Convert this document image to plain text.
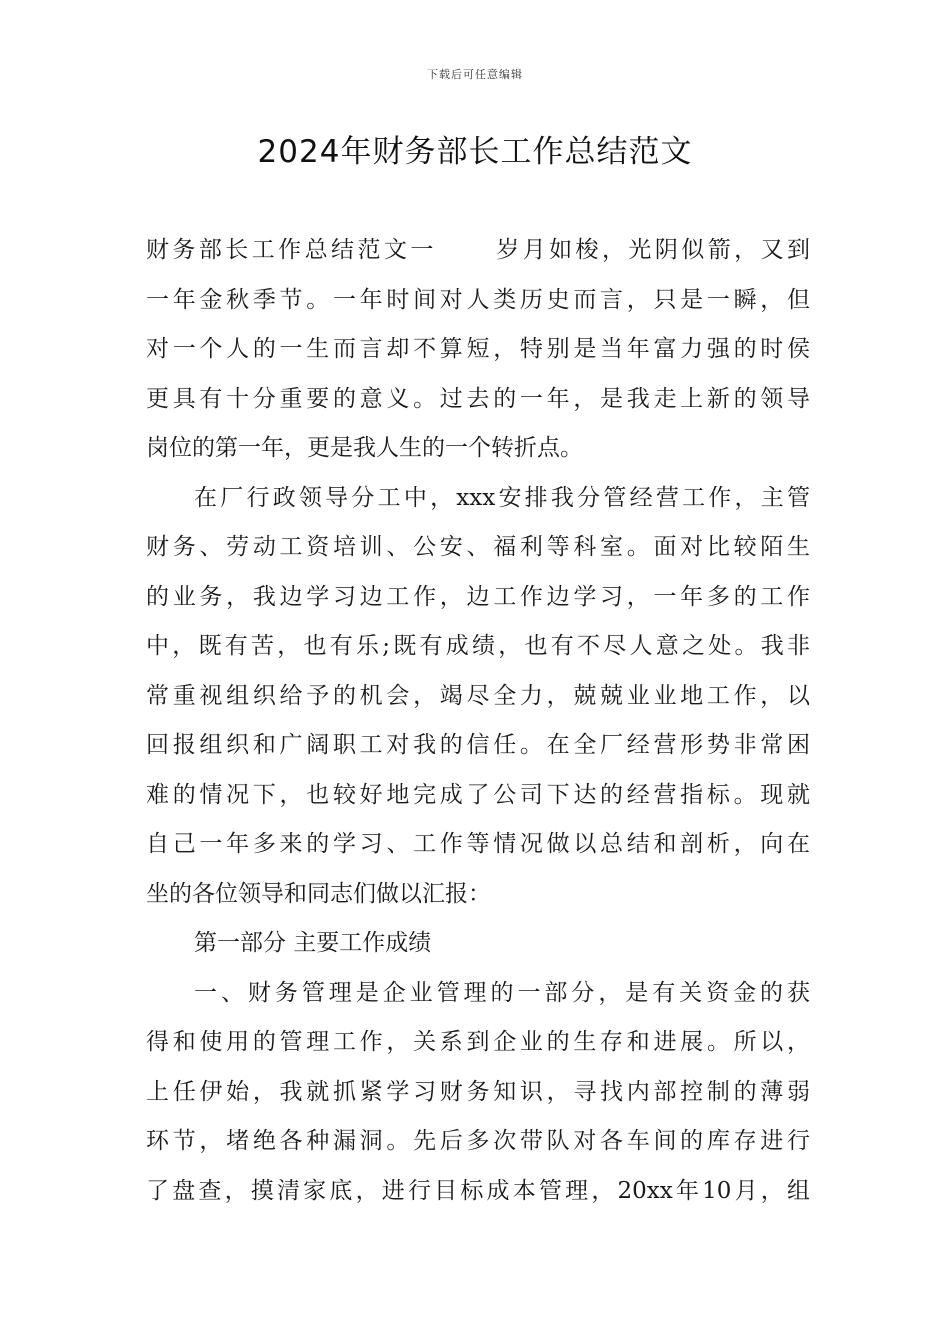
下载后可任意编辑
2024年财务部长工作总结范文
财务部长工作总结范文一 岁月如梭，光阴似箭，又到
一年金秋季节。一年时间对人类历史而言，只是一瞬，但
对一个人的一生而言却不算短，特别是当年富力强的时侯
更具有十分重要的意义。过去的一年，是我走上新的领导
岗位的第一年，更是我人生的一个转折点。
在厂行政领导分工中，xxx安排我分管经营工作，主管
财务、劳动工资培训、公安、福利等科室。面对比较陌生
的业务，我边学习边工作，边工作边学习，一年多的工作
中，既有苦，也有乐;既有成绩，也有不尽人意之处。我非
常重视组织给予的机会，竭尽全力，兢兢业业地工作，以
回报组织和广阔职工对我的信任。在全厂经营形势非常困
难的情况下，也较好地完成了公司下达的经营指标。现就
自己一年多来的学习、工作等情况做以总结和剖析，向在
坐的各位领导和同志们做以汇报：
第一部分 主要工作成绩
一、财务管理是企业管理的一部分，是有关资金的获
得和使用的管理工作，关系到企业的生存和进展。所以，
上任伊始，我就抓紧学习财务知识，寻找内部控制的薄弱
环节，堵绝各种漏洞。先后多次带队对各车间的库存进行
了盘查，摸清家底，进行目标成本管理，20xx年10月，组
